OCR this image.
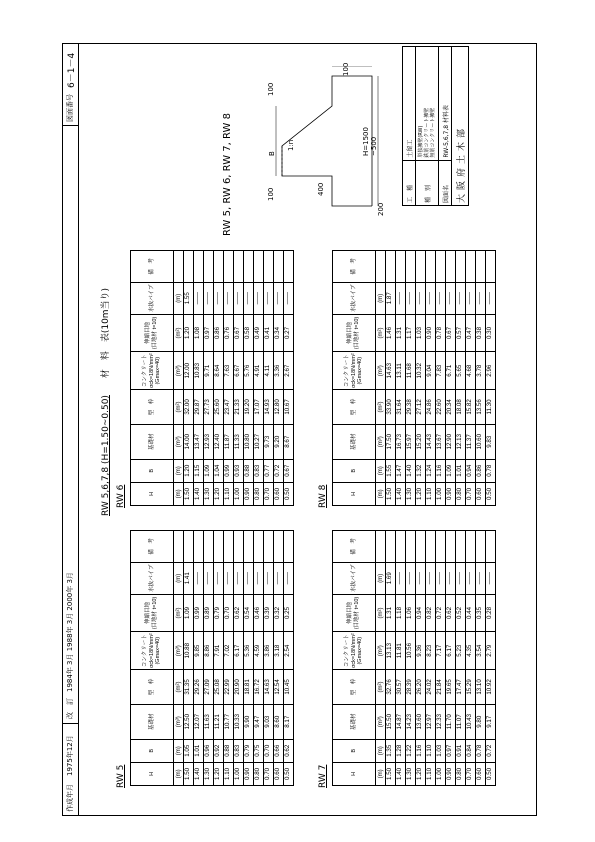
作成年月
1975年12月
改　訂
1984年 3月 1988年 3月 2000年 3月
図面番号
6－1－4
RW 5,6,7,8 (H=1.50~0.50) 材　料　表(10m当り)
RW 5, RW 6, RW 7, RW 8	1:n
B
100
100
100
200
H=1500
~500
400
RW 5	H	B	基礎材	型　枠	コンクリート
σck=18N/mm²
(Gmax=40)	伸縮目地
(目地材 t=10)	水抜パイプ	備　考
(m)	(m)	(m³)	(m²)	(m³)	(m²)	(m)	
1.50	1.05	12.50	31.35	10.88	1.09	1.41	
1.40	1.01	12.07	29.26	9.85	0.99	——	
1.30	0.96	11.63	27.09	8.86	0.89	——	
1.20	0.92	11.21	25.08	7.91	0.79	——	
1.10	0.88	10.77	22.99	7.02	0.70	——	
1.00	0.83	10.33	20.90	6.17	0.62	——	
0.90	0.79	9.90	18.81	5.36	0.54	——	
0.80	0.75	9.47	16.72	4.59	0.46	——	
0.70	0.70	9.03	14.63	3.86	0.39	——	
0.60	0.66	8.60	12.54	3.18	0.32	——	
0.50	0.62	8.17	10.45	2.54	0.25	——	
RW 6	H	B	基礎材	型　枠	コンクリート
σck=18N/mm²
(Gmax=40)	伸縮目地
(目地材 t=10)	水抜パイプ	備　考
(m)	(m)	(m³)	(m²)	(m³)	(m²)	(m)	
1.50	1.20	14.00	32.00	12.00	1.20	1.55	
1.40	1.15	13.47	29.87	10.83	1.08	——	
1.30	1.09	12.93	27.73	9.71	0.97	——	
1.20	1.04	12.40	25.60	8.64	0.86	——	
1.10	0.99	11.87	23.47	7.63	0.76	——	
1.00	0.93	11.33	21.33	6.67	0.67	——	
0.90	0.88	10.80	19.20	5.76	0.58	——	
0.80	0.83	10.27	17.07	4.91	0.49	——	
0.70	0.77	9.73	14.93	4.11	0.41	——	
0.60	0.72	9.20	12.80	3.36	0.34	——	
0.50	0.67	8.67	10.67	2.67	0.27	——	
RW 7	H	B	基礎材	型　枠	コンクリート
σck=18N/mm²
(Gmax=40)	伸縮目地
(目地材 t=10)	水抜パイプ	備　考
(m)	(m)	(m³)	(m²)	(m³)	(m²)	(m)	
1.50	1.35	15.50	32.76	13.13	1.31	1.69	
1.40	1.28	14.87	30.57	11.81	1.18	——	
1.30	1.22	14.23	28.39	10.56	1.06	——	
1.20	1.16	13.60	26.20	9.36	0.94	——	
1.10	1.10	12.97	24.02	8.23	0.82	——	
1.00	1.03	12.33	21.84	7.17	0.72	——	
0.90	0.97	11.70	19.65	6.17	0.62	——	
0.80	0.91	11.07	17.47	5.23	0.52	——	
0.70	0.84	10.43	15.29	4.35	0.44	——	
0.60	0.78	9.80	13.10	3.54	0.35	——	
0.50	0.72	9.17	10.92	2.79	0.28	——	
RW 8	H	B	基礎材	型　枠	コンクリート
σck=18N/mm²
(Gmax=40)	伸縮目地
(目地材 t=10)	水抜パイプ	備　考
(m)	(m)	(m³)	(m²)	(m³)	(m²)	(m)	
1.50	1.55	17.50	33.90	14.63	1.46	1.87	
1.40	1.47	16.73	31.64	13.11	1.31	——	
1.30	1.40	15.97	29.38	11.68	1.17	——	
1.20	1.32	15.20	27.12	10.32	1.03	——	
1.10	1.24	14.43	24.86	9.04	0.90	——	
1.00	1.16	13.67	22.60	7.83	0.78	——	
0.90	1.09	12.90	20.34	6.71	0.67	——	
0.80	1.01	12.13	18.08	5.65	0.57	——	
0.70	0.94	11.37	15.82	4.68	0.47	——	
0.60	0.86	10.60	13.56	3.78	0.38	——	
0.50	0.78	9.83	11.30	2.96	0.30	——	
工　種	土留工
種　別	単独擁壁(RW) 鉄筋コンクリート擁壁 無筋コンクリート擁壁

図面名	RW-5,6,7,8 材料表
大阪府土木部	
